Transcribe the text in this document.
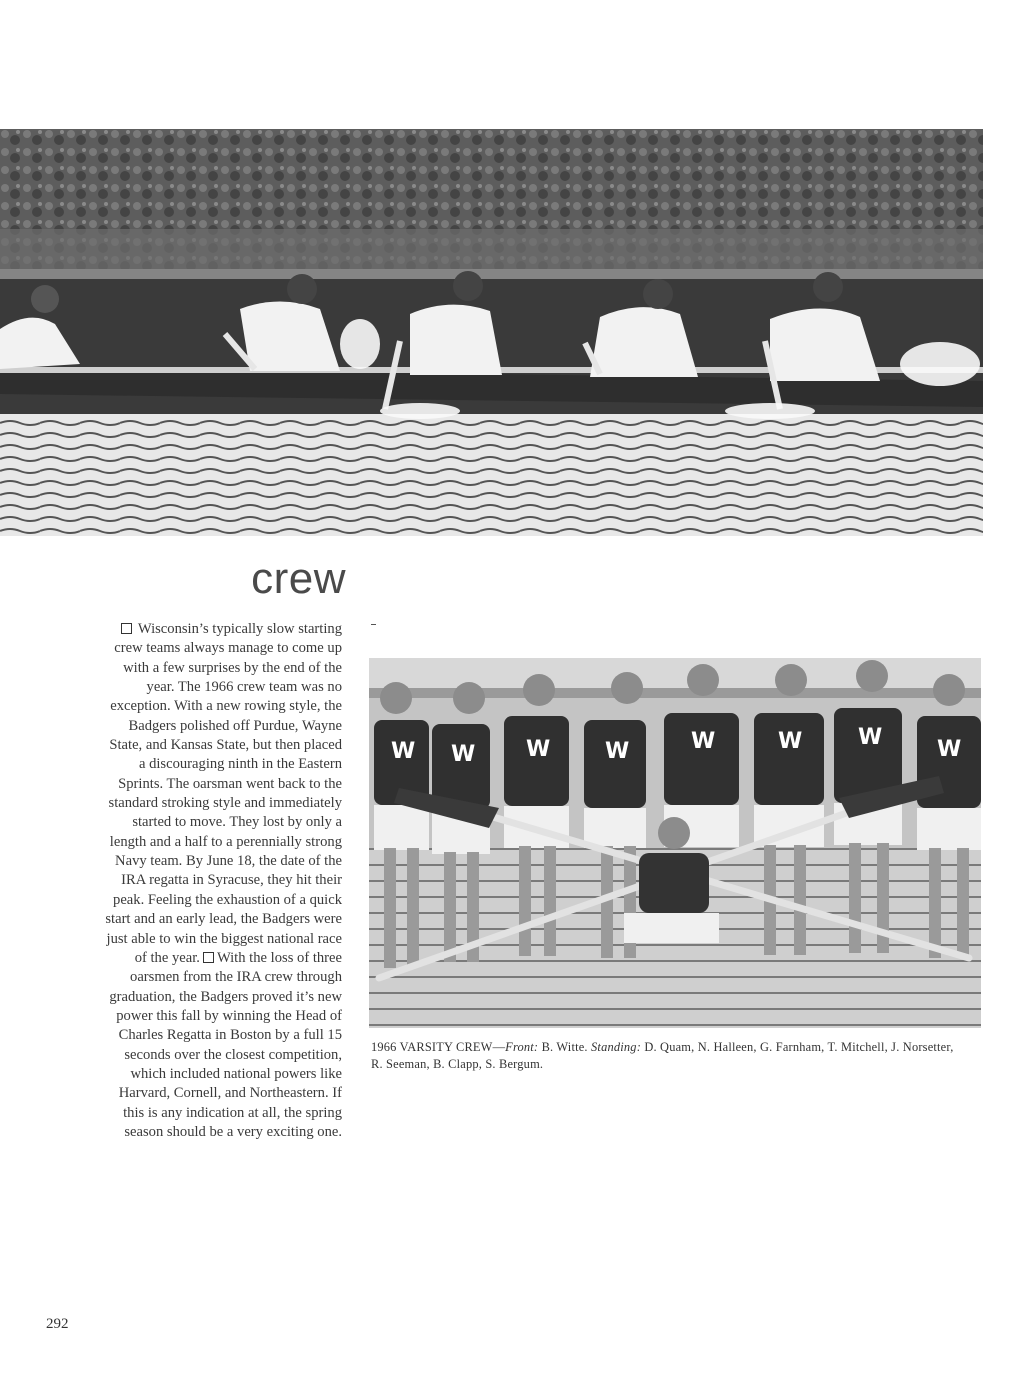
crew
Wisconsin’s typically slow starting
crew teams always manage to come up
with a few surprises by the end of the
year. The 1966 crew team was no
exception. With a new rowing style, the
Badgers polished off Purdue, Wayne
State, and Kansas State, but then placed
a discouraging ninth in the Eastern
Sprints. The oarsman went back to the
standard stroking style and immediately
started to move. They lost by only a
length and a half to a perennially strong
Navy team. By June 18, the date of the
IRA regatta in Syracuse, they hit their
peak. Feeling the exhaustion of a quick
start and an early lead, the Badgers were
just able to win the biggest national race
of the year. With the loss of three
oarsmen from the IRA crew through
graduation, the Badgers proved it’s new
power this fall by winning the Head of
Charles Regatta in Boston by a full 15
seconds over the closest competition,
which included national powers like
Harvard, Cornell, and Northeastern. If
this is any indication at all, the spring
season should be a very exciting one.
W W W W	W	W	W W
1966 VARSITY CREW—Front: B. Witte. Standing: D. Quam, N. Halleen, G. Farnham, T. Mitchell, J. Norsetter, R. Seeman, B. Clapp, S. Bergum.
292
